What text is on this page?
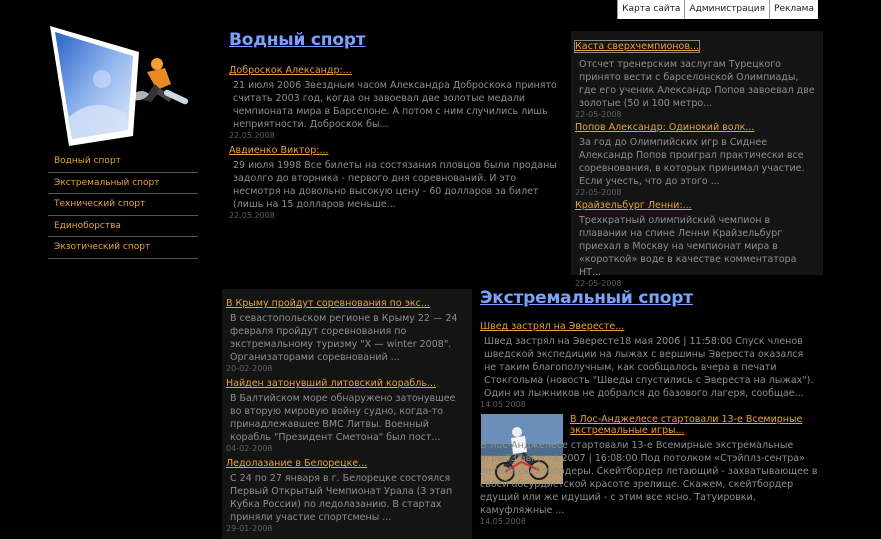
Карта сайта	Администрация	Реклама
Водный спорт
Экстремальный спорт
Технический спорт
Единоборства
Экзотический спорт
Водный спорт
Доброскок Александр:...
21 июля 2006 Звездным часом Александра Доброскока принято считать 2003 год, когда он завоевал две золотые медали чемпионата мира в Барселоне. А потом с ним случились лишь неприятности. Доброскок бы...
22.05.2008
Авдиенко Виктор:...
29 июля 1998 Все билеты на состязания пловцов были проданы задолго до вторника - первого дня соревнований. И это несмотря на довольно высокую цену - 60 долларов за билет (лишь на 15 долларов меньше...
22.05.2008
Каста сверхчемпионов...
Отсчет тренерским заслугам Турецкого принято вести с барселонской Олимпиады, где его ученик Александр Попов завоевал две золотые (50 и 100 метро...
22-05-2008
Попов Александр: Одинокий волк...
За год до Олимпийских игр в Сиднее Александр Попов проиграл практически все соревнования, в которых принимал участие. Если учесть, что до этого ...
22-05-2008
Крайзельбург Ленни:...
Трехкратный олимпийский чемпион в плавании на спине Ленни Крайзельбург приехал в Москву на чемпионат мира в «короткой» воде в качестве комментатора НТ...
22-05-2008
В Крыму пройдут соревнования по экс...
В севастопольском регионе в Крыму 22 — 24 февраля пройдут соревнования по экстремальному туризму "X — winter 2008". Организаторами соревнований ...
20-02-2008
Найден затонувший литовский корабль...
В Балтийском море обнаружено затонувшее во вторую мировую войну судно, когда-то принадлежавшее ВМС Литвы. Военный корабль "Президент Сметона" был пост...
04-02-2008
Ледолазание в Белорецке...
С 24 по 27 января в г. Белорецке состоялся Первый Открытый Чемпионат Урала (3 этап Кубка России) по ледолазанию. В стартах приняли участие спортсмены ...
29-01-2008
Экстремальный спорт
Швед застрял на Эвересте...
Швед застрял на Эвересте18 мая 2006 | 11:58:00 Спуск членов шведской экспедиции на лыжах с вершины Эвереста оказался не таким благополучным, как сообщалось вчера в печати Стокгольма (новость "Шведы спустились с Эвереста на лыжах"). Один из лыжников не добрался до базового лагеря, сообщае...
14.05.2008
В Лос-Анджелесе стартовали 13-е Всемирные экстремальные игры...
В Лос-Анджелесе стартовали 13-е Всемирные экстремальные игры03 августа 2007 | 16:08:00 Под потолком «Стэйплз-сентра» летали скейтбордеры. Скейтбордер летающий - захватывающее в своей абсурдистской красоте зрелище. Скажем, скейтбордер едущий или же идущий - с этим все ясно. Татуировки, камуфляжные ...
14.05.2008
